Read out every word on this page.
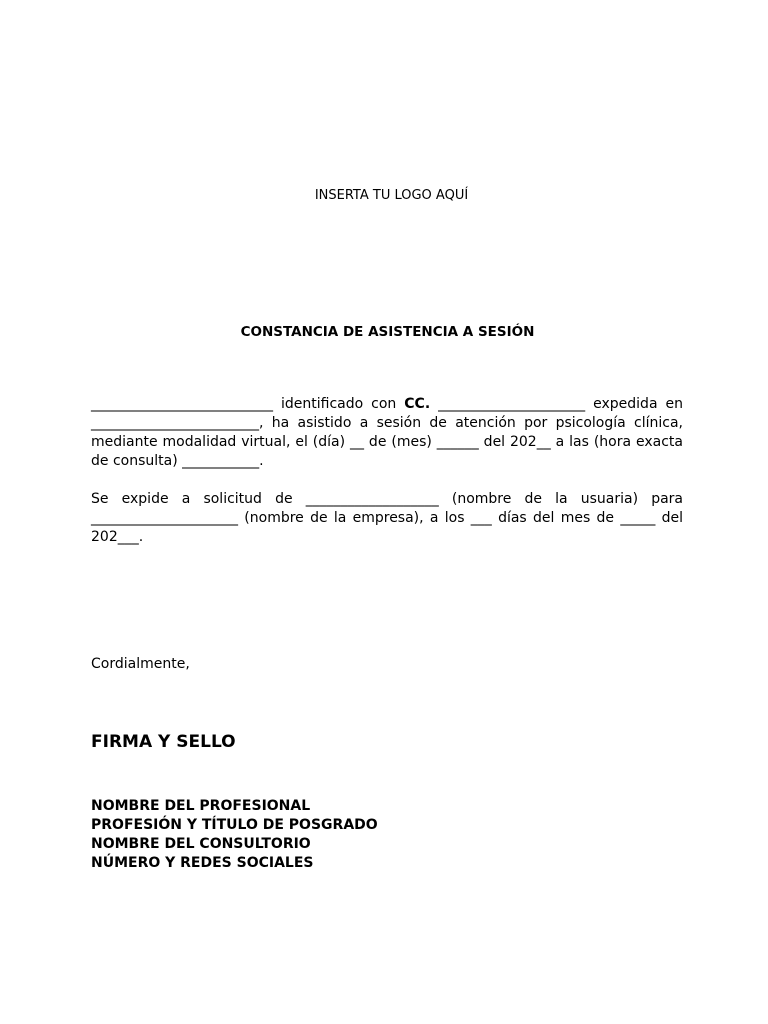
INSERTA TU LOGO AQUÍ
CONSTANCIA DE ASISTENCIA A SESIÓN
__________________________ identificado con CC. _____________________ expedida en ________________________, ha asistido a sesión de atención por psicología clínica, mediante modalidad virtual, el (día) __ de (mes) ______ del 202__ a las (hora exacta de consulta) ___________.
Se expide a solicitud de ___________________ (nombre de la usuaria) para _____________________ (nombre de la empresa), a los ___ días del mes de _____ del 202___.
Cordialmente,
FIRMA Y SELLO
NOMBRE DEL PROFESIONAL
PROFESIÓN Y TÍTULO DE POSGRADO
NOMBRE DEL CONSULTORIO
NÚMERO Y REDES SOCIALES
